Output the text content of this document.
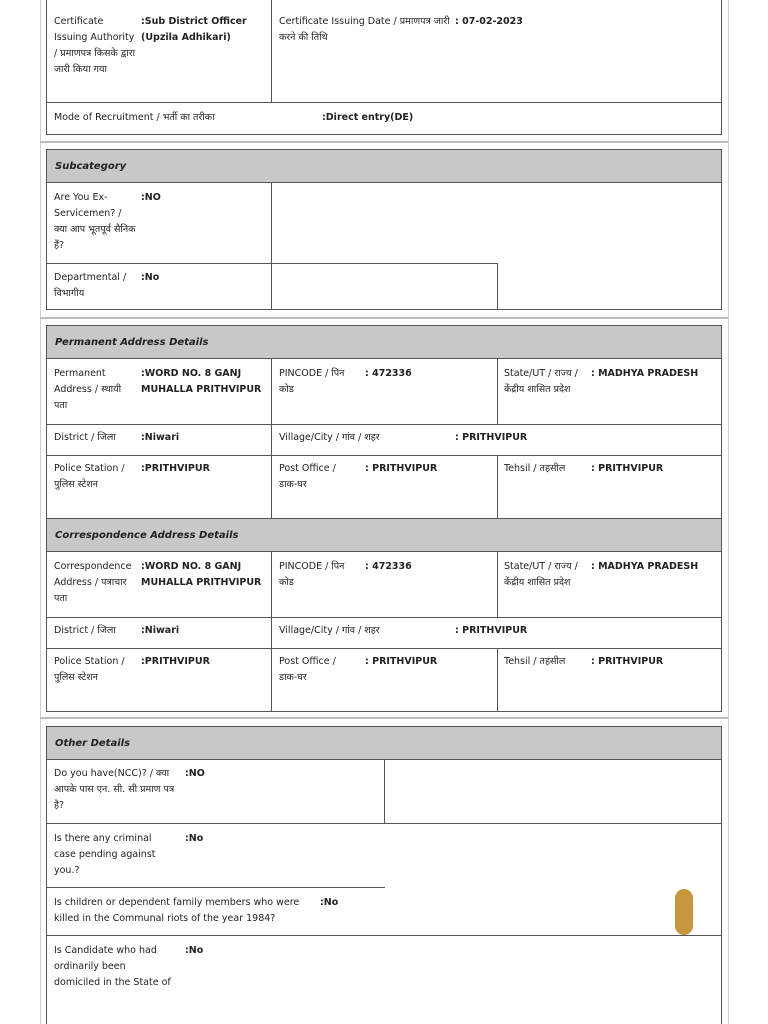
Certificate Issuing Authority / प्रमाणपत्र किसके द्वारा जारी किया गया
:Sub District Officer (Upzila Adhikari)
Certificate Issuing Date / प्रमाणपत्र जारी करने की तिथि
: 07-02-2023
Mode of Recruitment / भर्ती का तरीका	:Direct entry(DE)
Subcategory
Are You Ex-Servicemen? / क्या आप भूतपूर्व सैनिक हैं?
:NO
Departmental / विभागीय
:No
Permanent Address Details
Correspondence Address Details
Permanent Address / स्थायी पता
:WORD NO. 8 GANJ MUHALLA PRITHVIPUR
PINCODE / पिन कोड
: 472336	State/UT / राज्य / केंद्रीय शासित प्रदेश
: MADHYA PRADESH
District / जिला	:Niwari	Village/City / गांव / शहर	: PRITHVIPUR
Police Station / पुलिस स्टेशन
:PRITHVIPUR	Post Office / डाक-घर
: PRITHVIPUR	Tehsil / तहसील	: PRITHVIPUR
Correspondence Address / पत्राचार पता
:WORD NO. 8 GANJ MUHALLA PRITHVIPUR
PINCODE / पिन कोड
: 472336	State/UT / राज्य / केंद्रीय शासित प्रदेश
: MADHYA PRADESH
District / जिला	:Niwari	Village/City / गांव / शहर	: PRITHVIPUR
Police Station / पुलिस स्टेशन
:PRITHVIPUR	Post Office / डाक-घर
: PRITHVIPUR	Tehsil / तहसील	: PRITHVIPUR
Other Details
Do you have(NCC)? / क्या आपके पास एन. सी. सी प्रमाण पत्र है?
:NO
Is there any criminal case pending against you.?
:No
Is children or dependent family members who were killed in the Communal riots of the year 1984?
:No
Is Candidate who had ordinarily been domiciled in the State of
:No
